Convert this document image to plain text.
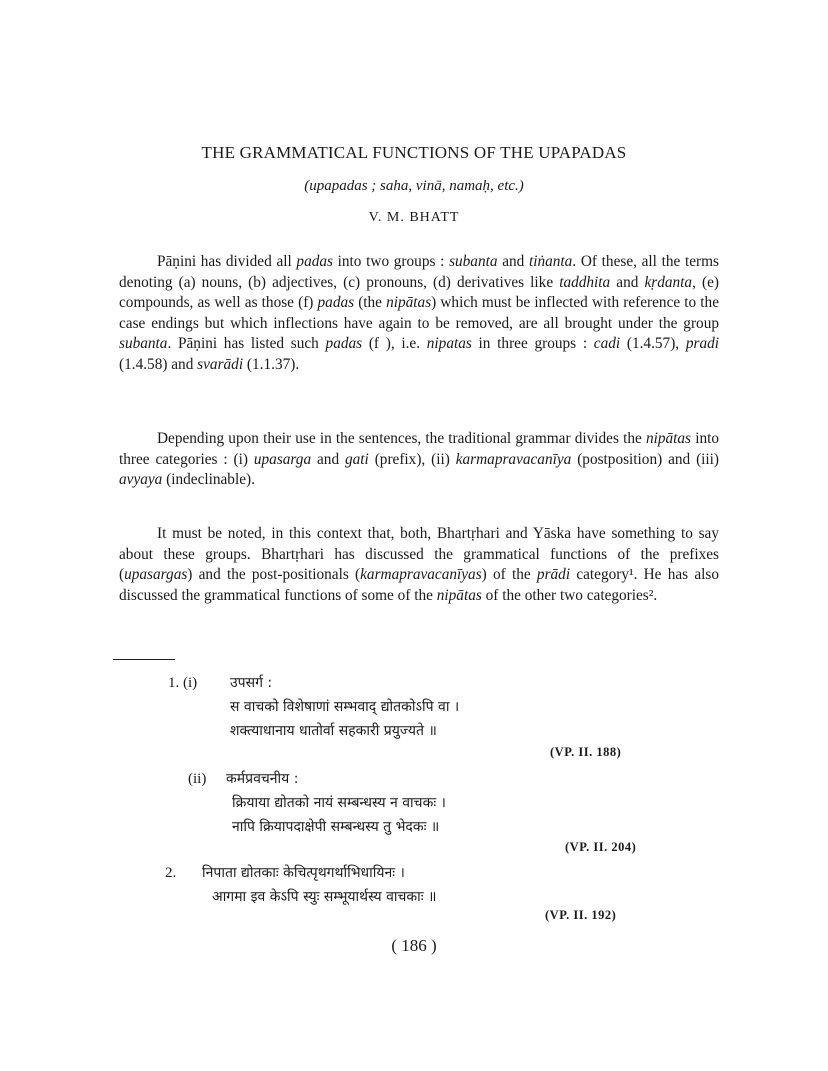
THE GRAMMATICAL FUNCTIONS OF THE UPAPADAS
(upapadas ; saha, vinā, namaḥ, etc.)
V. M. BHATT

Pāṇini has divided all padas into two groups : subanta and tiṅanta. Of these, all the terms denoting (a) nouns, (b) adjectives, (c) pronouns, (d) derivatives like taddhita and kṛdanta, (e) compounds, as well as those (f) padas (the nipātas) which must be inflected with reference to the case endings but which inflections have again to be removed, are all brought under the group subanta. Pāṇini has listed such padas (f ), i.e. nipatas in three groups : cadi (1.4.57), pradi (1.4.58) and svarādi (1.1.37).

Depending upon their use in the sentences, the traditional grammar divides the nipātas into three categories : (i) upasarga and gati (prefix), (ii) karmapravacanīya (postposition) and (iii) avyaya (indeclinable).

It must be noted, in this context that, both, Bhartṛhari and Yāska have something to say about these groups. Bhartṛhari has discussed the grammatical functions of the prefixes (upasargas) and the post-positionals (karmapravacanīyas) of the prādi category¹. He has also discussed the grammatical functions of some of the nipātas of the other two categories².

1. (i) उपसर्ग :
स वाचको विशेषाणां सम्भवाद् द्योतकोऽपि वा ।
शक्त्याधानाय धातोर्वा सहकारी प्रयुज्यते ॥
(VP. II. 188)
(ii) कर्मप्रवचनीय :
क्रियाया द्योतको नायं सम्बन्धस्य न वाचकः ।
नापि क्रियापदाक्षेपी सम्बन्धस्य तु भेदकः ॥
(VP. II. 204)
2. निपाता द्योतकाः केचित्पृथगर्थाभिधायिनः ।
आगमा इव केऽपि स्युः सम्भूयार्थस्य वाचकाः ॥
(VP. II. 192)
( 186 )
